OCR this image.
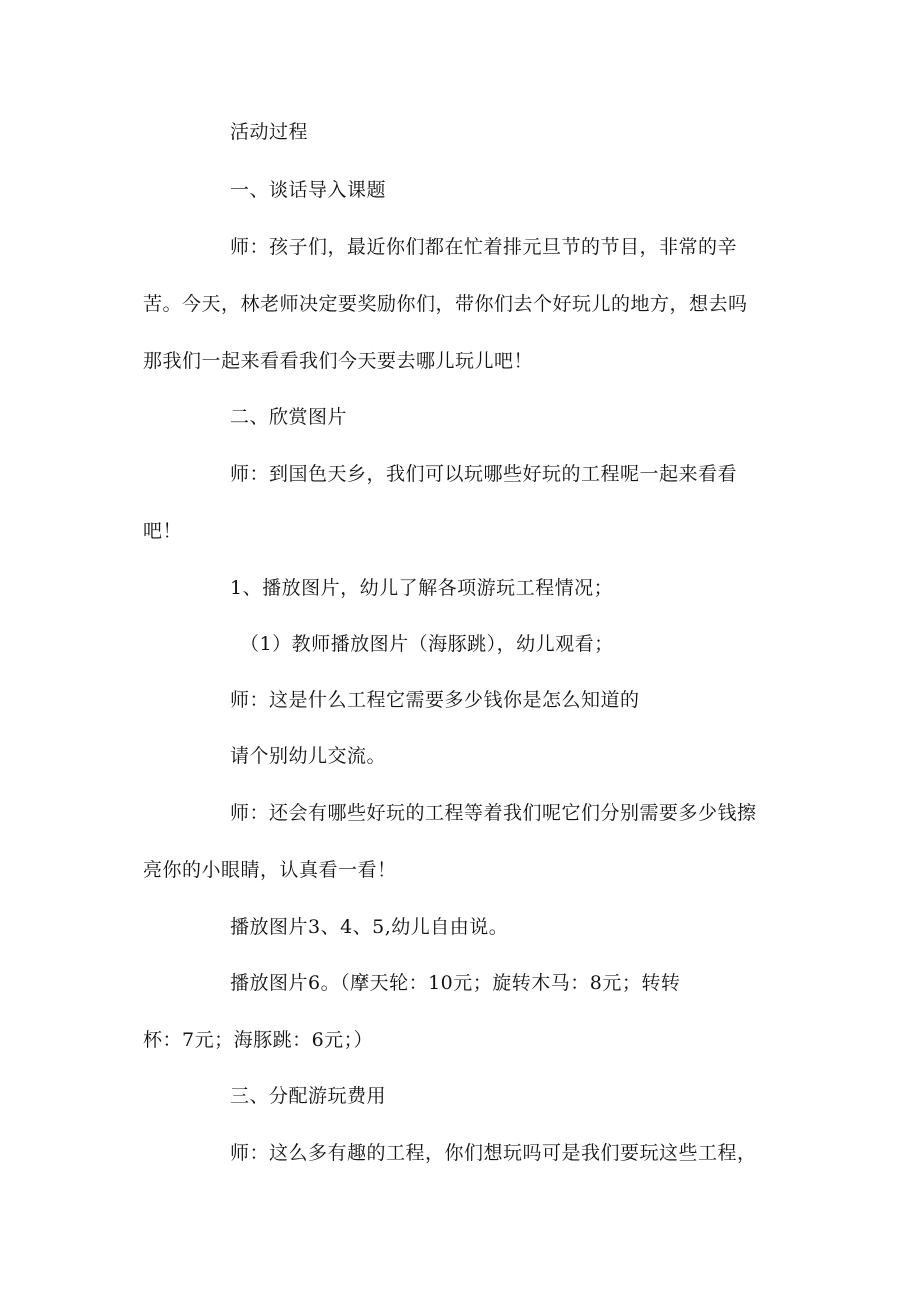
活动过程
一、谈话导入课题
师：孩子们，最近你们都在忙着排元旦节的节目，非常的辛
苦。今天，林老师决定要奖励你们，带你们去个好玩儿的地方，想去吗
那我们一起来看看我们今天要去哪儿玩儿吧！
二、欣赏图片
师：到国色天乡，我们可以玩哪些好玩的工程呢一起来看看
吧！
1、播放图片，幼儿了解各项游玩工程情况；
（1）教师播放图片（海豚跳），幼儿观看；
师：这是什么工程它需要多少钱你是怎么知道的
请个别幼儿交流。
师：还会有哪些好玩的工程等着我们呢它们分别需要多少钱擦
亮你的小眼睛，认真看一看！
播放图片3、4、5,幼儿自由说。
播放图片6。（摩天轮：10元；旋转木马：8元；转转
杯：7元；海豚跳：6元；）
三、分配游玩费用
师：这么多有趣的工程，你们想玩吗可是我们要玩这些工程，
